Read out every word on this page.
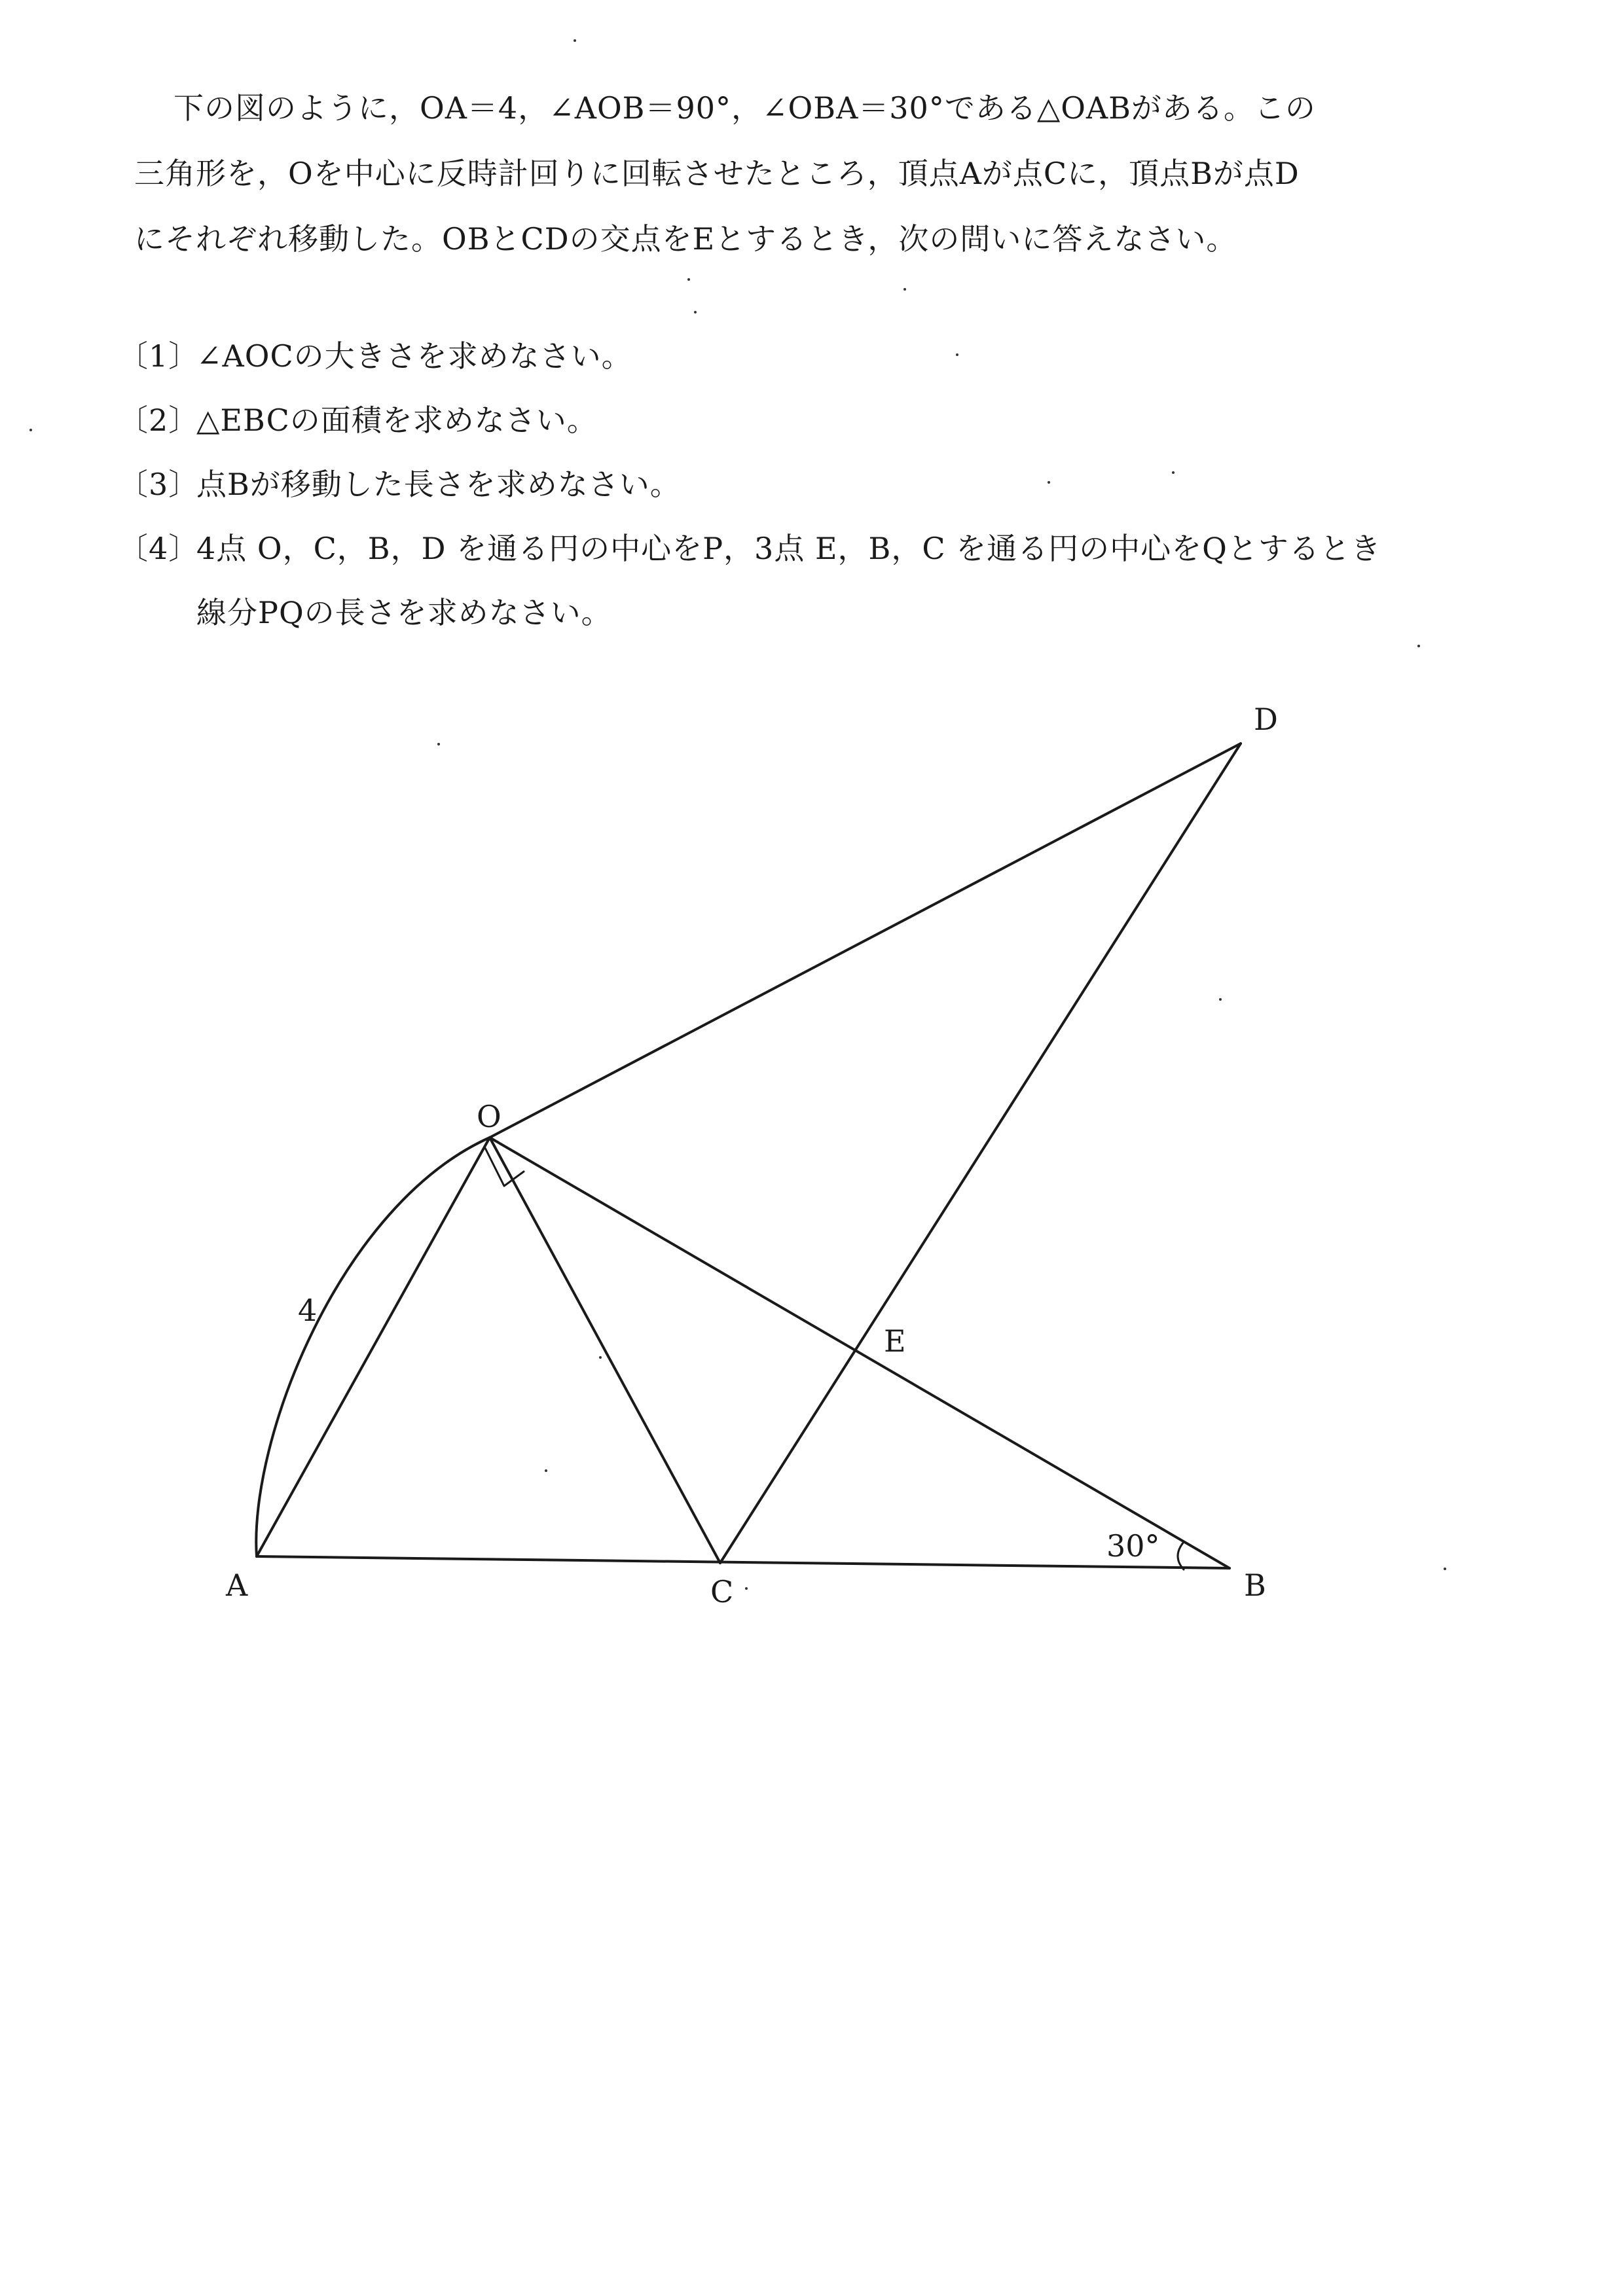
下の図のように，OA＝4，∠AOB＝90°，∠OBA＝30°である△OABがある。この
三角形を，Oを中心に反時計回りに回転させたところ，頂点Aが点Cに，頂点Bが点D
にそれぞれ移動した。OBとCDの交点をEとするとき，次の問いに答えなさい。
〔1〕
∠AOCの大きさを求めなさい。
〔2〕
△EBCの面積を求めなさい。
〔3〕
点Bが移動した長さを求めなさい。
〔4〕
4点 O，C，B，D を通る円の中心をP，3点 E，B，C を通る円の中心をQとするとき
線分PQの長さを求めなさい。
O
A	B
C
D
E
4
30°
